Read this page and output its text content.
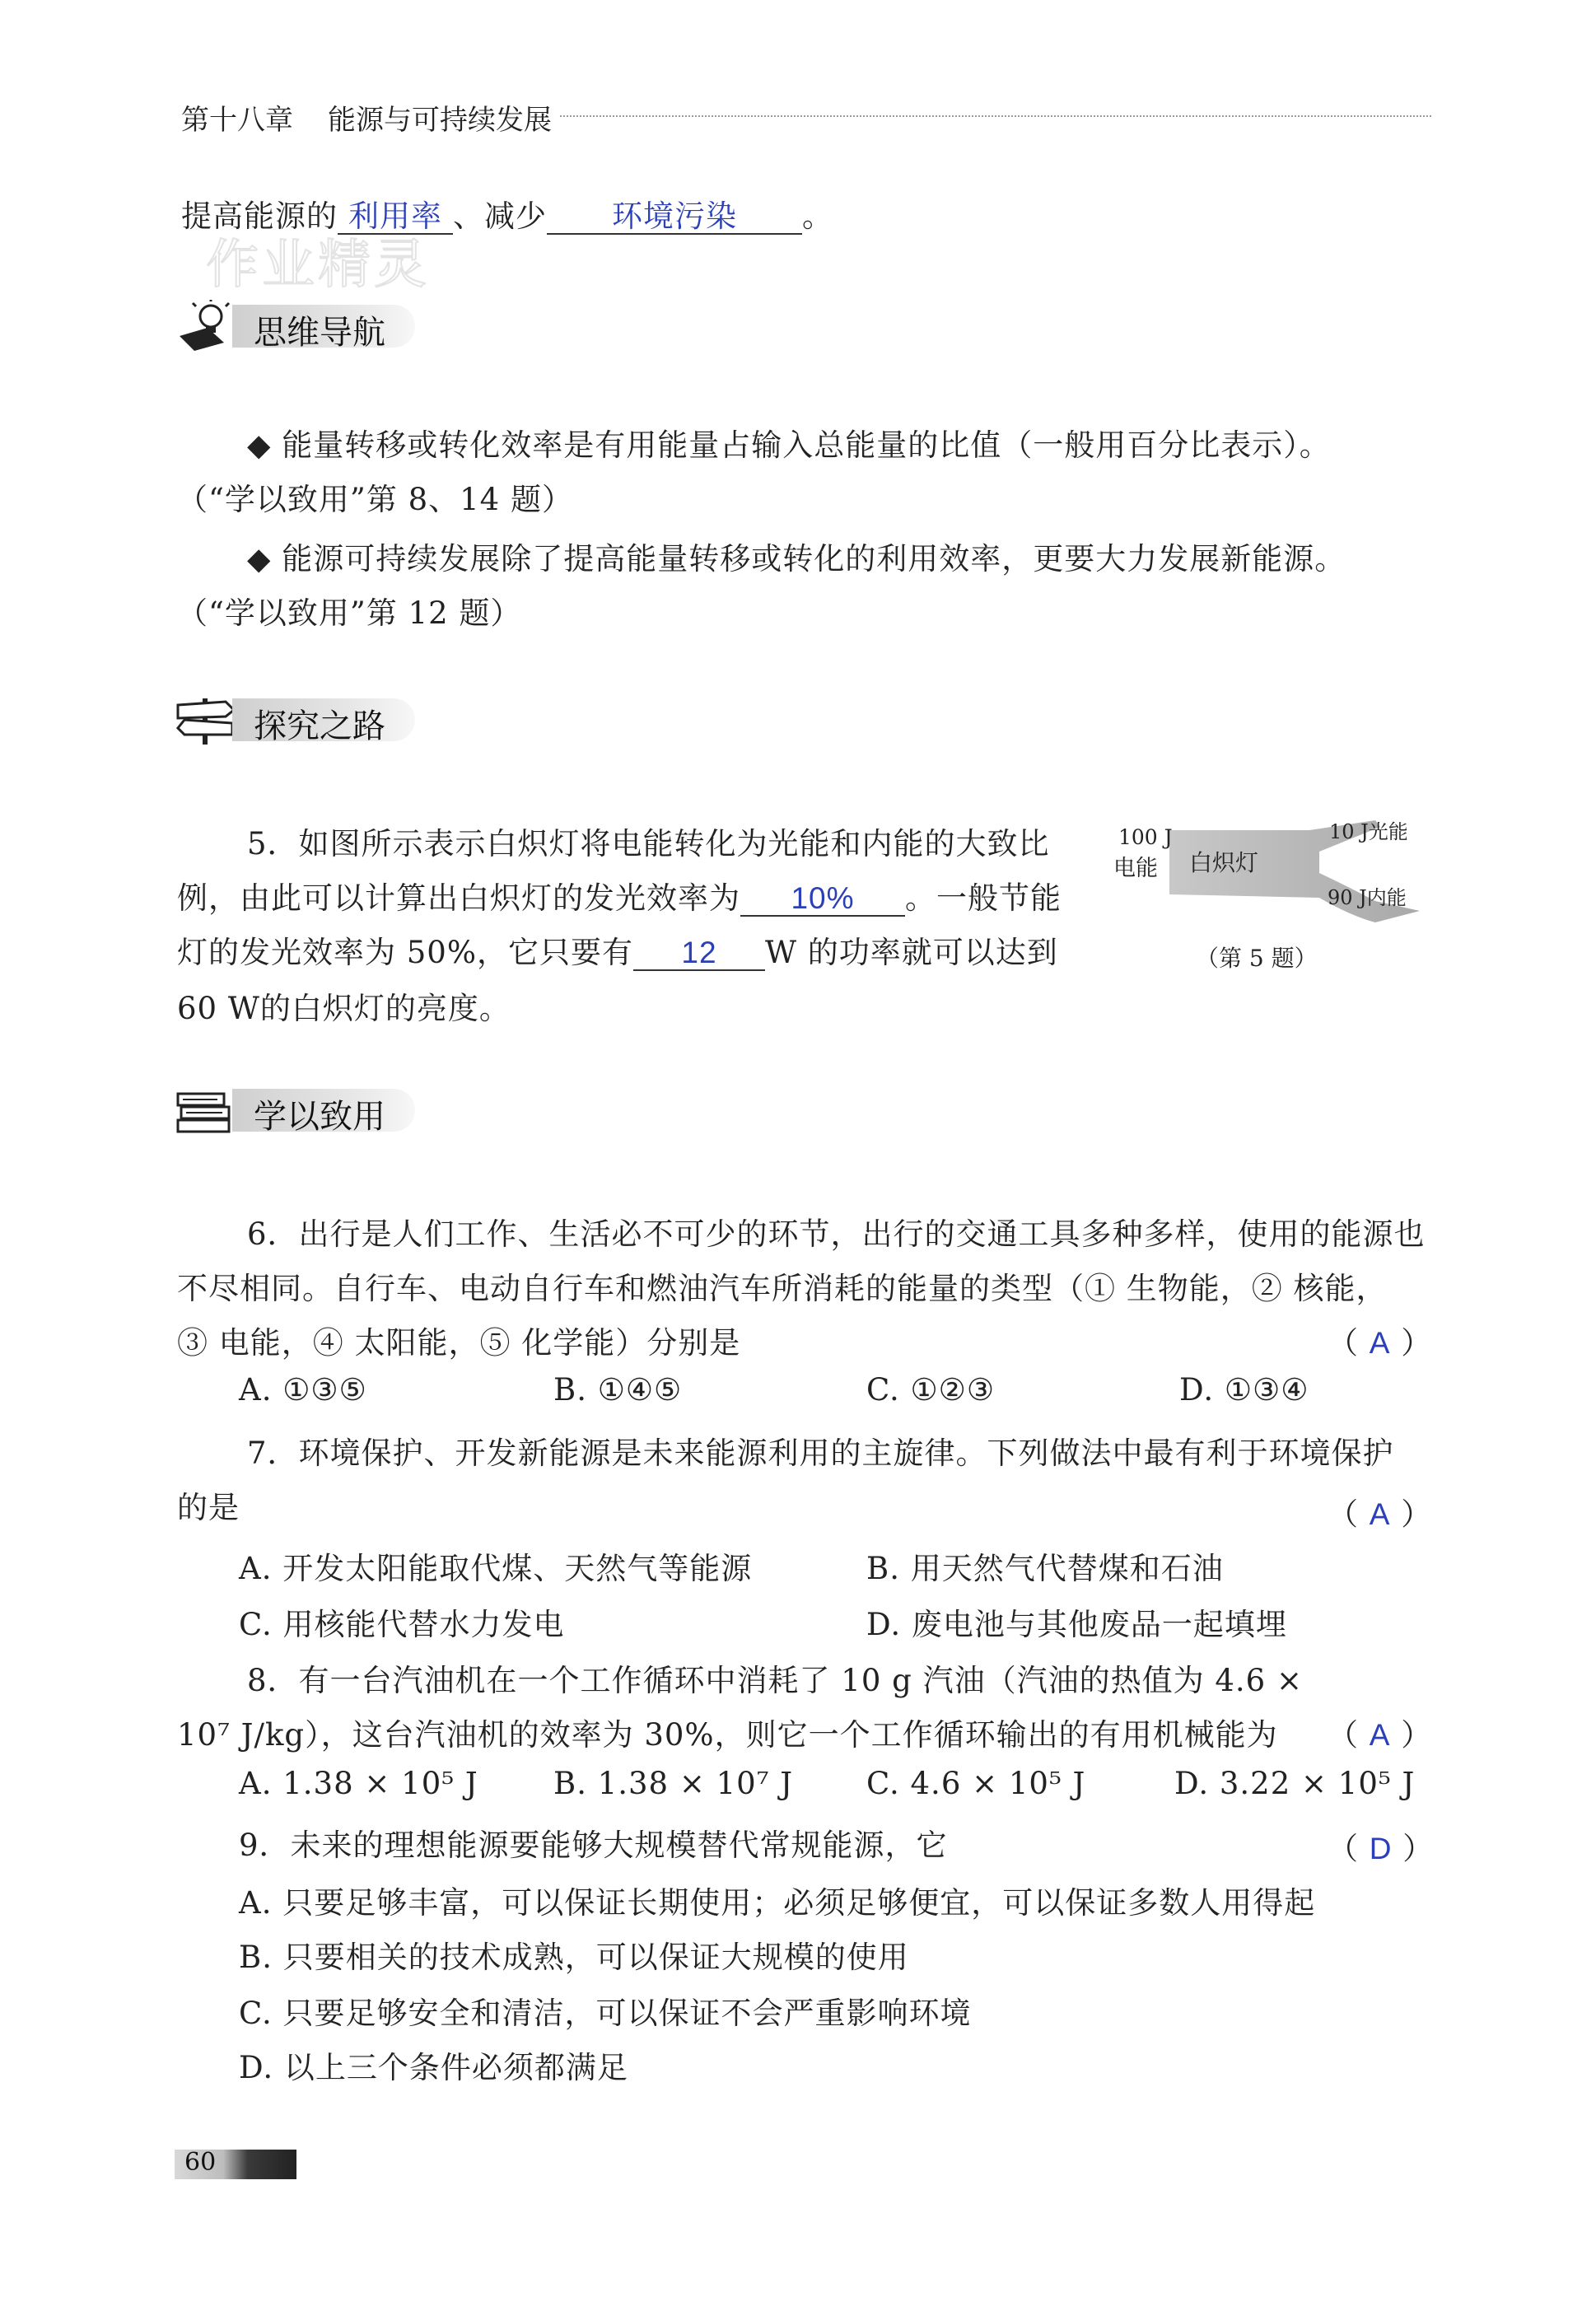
第十八章 能源与可持续发展
提高能源的 利用率 、减少 环境污染 。
作业精灵
思维导航
◆ 能量转移或转化效率是有用能量占输入总能量的比值（一般用百分比表示）。
（“学以致用”第 8、14 题）
◆ 能源可持续发展除了提高能量转移或转化的利用效率，更要大力发展新能源。
（“学以致用”第 12 题）
探究之路
5．如图所示表示白炽灯将电能转化为光能和内能的大致比
例，由此可以计算出白炽灯的发光效率为 10% 。一般节能
灯的发光效率为 50%，它只要有 12 W 的功率就可以达到
60 W的白炽灯的亮度。
100 J
电能 白炽灯
10 J光能
90 J内能
（第 5 题）
学以致用
6．出行是人们工作、生活必不可少的环节，出行的交通工具多种多样，使用的能源也
不尽相同。自行车、电动自行车和燃油汽车所消耗的能量的类型（① 生物能，② 核能，
③ 电能，④ 太阳能，⑤ 化学能）分别是	（ A ）
A. ①③⑤	B. ①④⑤	C. ①②③	D. ①③④
7．环境保护、开发新能源是未来能源利用的主旋律。下列做法中最有利于环境保护
的是	（ A ）
A. 开发太阳能取代煤、天然气等能源	B. 用天然气代替煤和石油
C. 用核能代替水力发电	D. 废电池与其他废品一起填埋
8．有一台汽油机在一个工作循环中消耗了 10 g 汽油（汽油的热值为 4.6 ×
10⁷ J/kg），这台汽油机的效率为 30%，则它一个工作循环输出的有用机械能为 （ A ）
A. 1.38 × 10⁵ J B. 1.38 × 10⁷ J C. 4.6 × 10⁵ J	D. 3.22 × 10⁵ J
9．未来的理想能源要能够大规模替代常规能源，它	（ D ）
A. 只要足够丰富，可以保证长期使用；必须足够便宜，可以保证多数人用得起
B. 只要相关的技术成熟，可以保证大规模的使用
C. 只要足够安全和清洁，可以保证不会严重影响环境
D. 以上三个条件必须都满足
60
